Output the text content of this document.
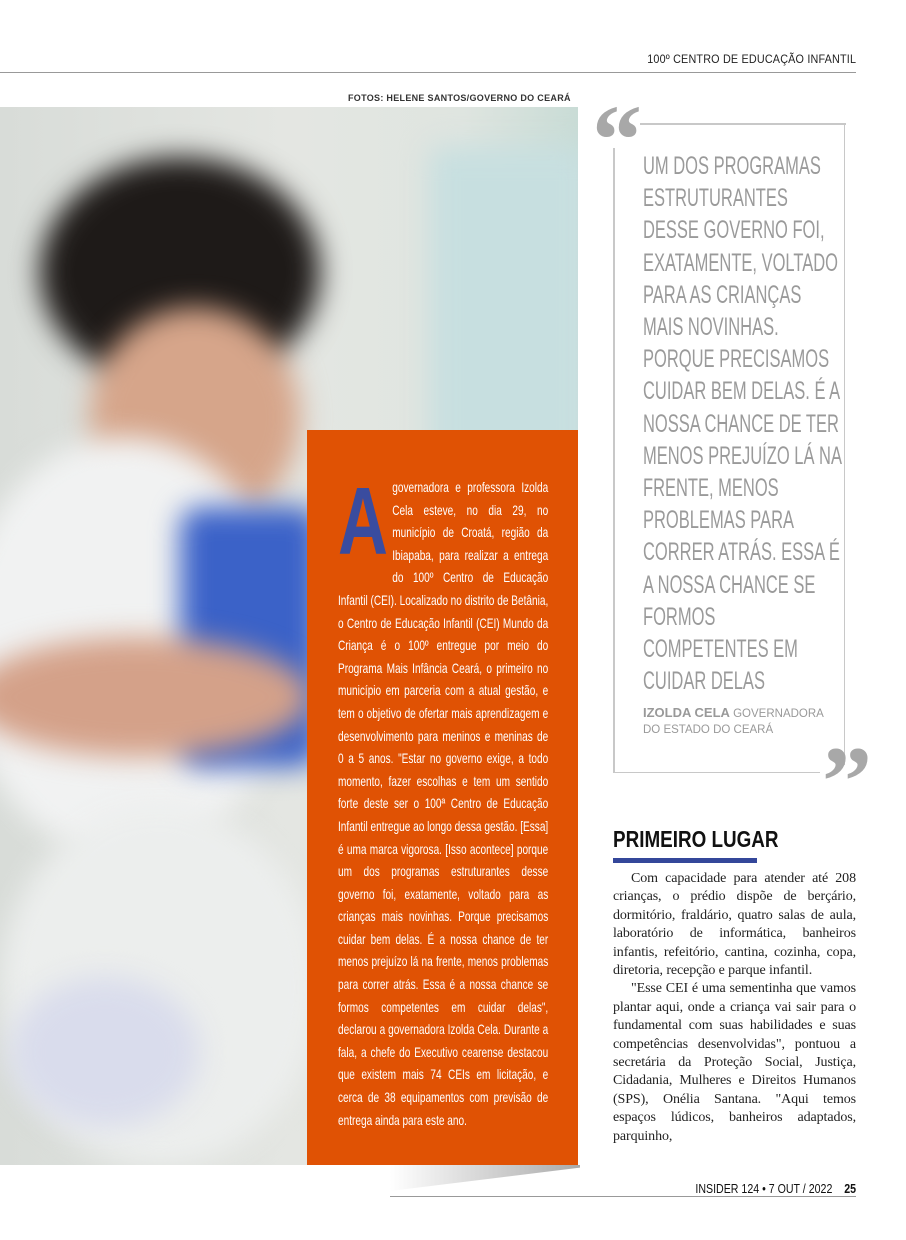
100º CENTRO DE EDUCAÇÃO INFANTIL
FOTOS: HELENE SANTOS/GOVERNO DO CEARÁ
A governadora e professora Izolda Cela esteve, no dia 29, no município de Croatá, região da Ibiapaba, para realizar a entrega do 100º Centro de Educação Infantil (CEI). Localizado no distrito de Betânia, o Centro de Educação Infantil (CEI) Mundo da Criança é o 100º entregue por meio do Programa Mais Infância Ceará, o primeiro no município em parceria com a atual gestão, e tem o objetivo de ofertar mais aprendizagem e desenvolvimento para meninos e meninas de 0 a 5 anos. "Estar no governo exige, a todo momento, fazer escolhas e tem um sentido forte deste ser o 100ª Centro de Educação Infantil entregue ao longo dessa gestão. [Essa] é uma marca vigorosa. [Isso acontece] porque um dos programas estruturantes desse governo foi, exatamente, voltado para as crianças mais novinhas. Porque precisamos cuidar bem delas. É a nossa chance de ter menos prejuízo lá na frente, menos problemas para correr atrás. Essa é a nossa chance se formos competentes em cuidar delas", declarou a governadora Izolda Cela. Durante a fala, a chefe do Executivo cearense destacou que existem mais 74 CEIs em licitação, e cerca de 38 equipamentos com previsão de entrega ainda para este ano.
“
”
UM DOS PROGRAMAS ESTRUTURANTES DESSE GOVERNO FOI, EXATAMENTE, VOLTADO PARA AS CRIANÇAS MAIS NOVINHAS. PORQUE PRECISAMOS CUIDAR BEM DELAS. É A NOSSA CHANCE DE TER MENOS PREJUÍZO LÁ NA FRENTE, MENOS PROBLEMAS PARA CORRER ATRÁS. ESSA É A NOSSA CHANCE SE FORMOS COMPETENTES EM CUIDAR DELAS
IZOLDA CELA GOVERNADORA DO ESTADO DO CEARÁ
PRIMEIRO LUGAR

Com capacidade para atender até 208 crianças, o prédio dispõe de berçário, dormitório, fraldário, quatro salas de aula, laboratório de informática, banheiros infantis, refeitório, cantina, cozinha, copa, diretoria, recepção e parque infantil.

"Esse CEI é uma sementinha que vamos plantar aqui, onde a criança vai sair para o fundamental com suas habilidades e suas competências desenvolvidas", pontuou a secretária da Proteção Social, Justiça, Cidadania, Mulheres e Direitos Humanos (SPS), Onélia Santana. "Aqui temos espaços lúdicos, banheiros adaptados, parquinho,

INSIDER 124 • 7 OUT / 2022 25
